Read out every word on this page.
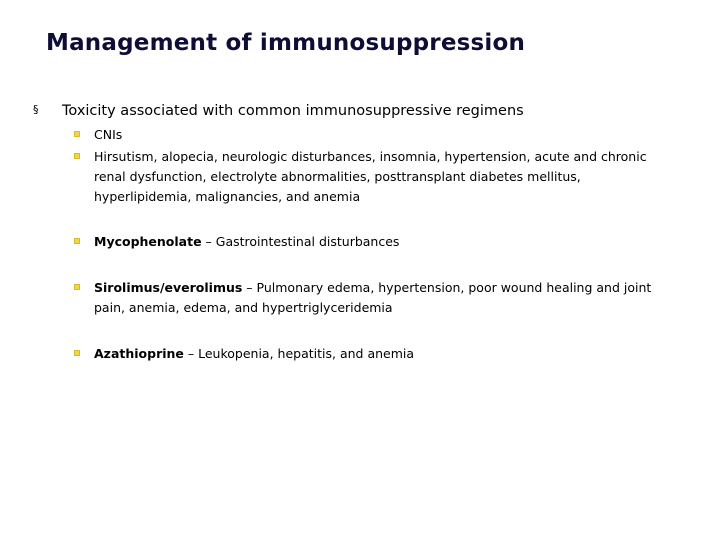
Management of immunosuppression
§ Toxicity associated with common immunosuppressive regimens
CNIs
Hirsutism, alopecia, neurologic disturbances, insomnia, hypertension, acute and chronic renal dysfunction, electrolyte abnormalities, posttransplant diabetes mellitus, hyperlipidemia, malignancies, and anemia
Mycophenolate – Gastrointestinal disturbances
Sirolimus/everolimus – Pulmonary edema, hypertension, poor wound healing and joint pain, anemia, edema, and hypertriglyceridemia
Azathioprine – Leukopenia, hepatitis, and anemia
